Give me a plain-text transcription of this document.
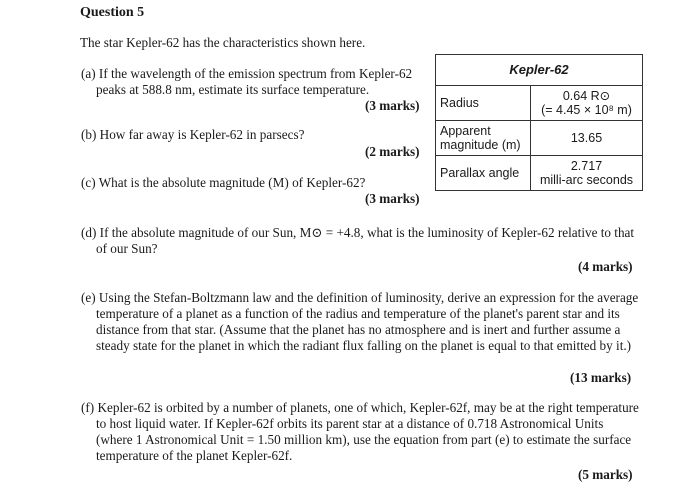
Question 5
The star Kepler-62 has the characteristics shown here.
(a) If the wavelength of the emission spectrum from Kepler-62 peaks at 588.8 nm, estimate its surface temperature.
(3 marks)
(b) How far away is Kepler-62 in parsecs?
(2 marks)
(c) What is the absolute magnitude (M) of Kepler-62?
(3 marks)
Kepler-62	
Radius	0.64 R⊙
(= 4.45 × 10⁸ m)

Apparent magnitude (m)	13.65

Parallax angle	2.717
milli-arc seconds
(d) If the absolute magnitude of our Sun, M⊙ = +4.8, what is the luminosity of Kepler-62 relative to that of our Sun?
(4 marks)
(e) Using the Stefan-Boltzmann law and the definition of luminosity, derive an expression for the average temperature of a planet as a function of the radius and temperature of the planet's parent star and its distance from that star. (Assume that the planet has no atmosphere and is inert and further assume a steady state for the planet in which the radiant flux falling on the planet is equal to that emitted by it.)
(13 marks)
(f) Kepler-62 is orbited by a number of planets, one of which, Kepler-62f, may be at the right temperature to host liquid water. If Kepler-62f orbits its parent star at a distance of 0.718 Astronomical Units (where 1 Astronomical Unit = 1.50 million km), use the equation from part (e) to estimate the surface temperature of the planet Kepler-62f.
(5 marks)
